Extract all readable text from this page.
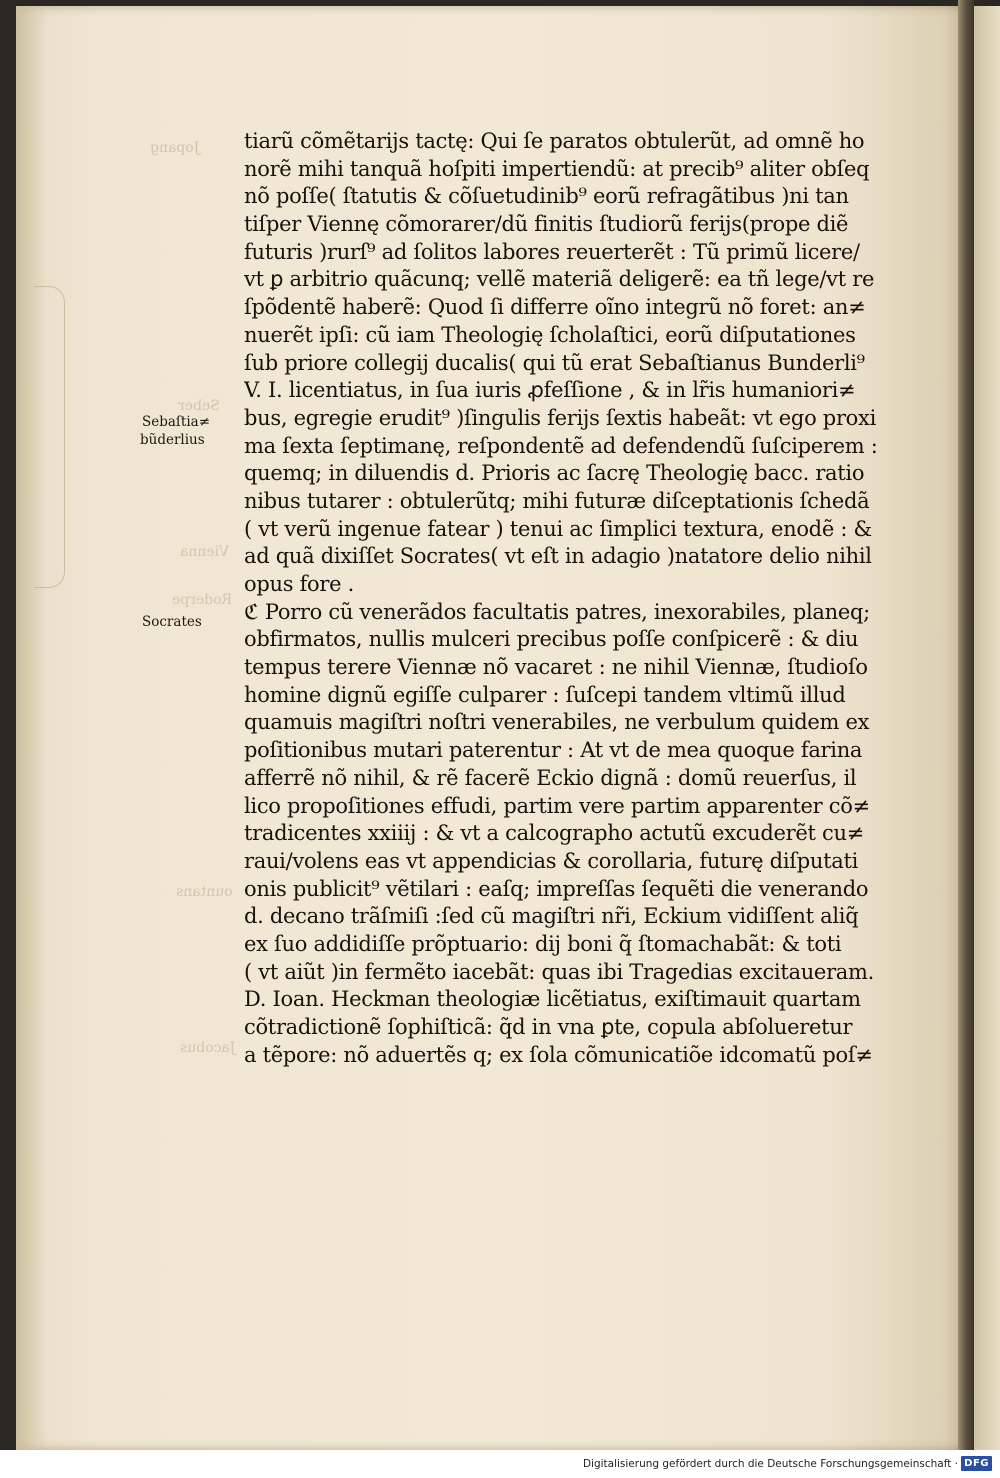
Jopang
Seber
Vienna
Roderpe
ountans
Jacobus
tiarũ cõmẽtarijs tactę: Qui ſe paratos obtulerũt, ad omnẽ ho
norẽ mihi tanquã hoſpiti impertiendũ: at precib⁹ aliter obſeq
nõ poſſe( ſtatutis & cõſuetudinib⁹ eorũ refragãtibus )ni tan
tiſper Viennę cõmorarer/dũ finitis ſtudiorũ ferijs(prope diẽ
futuris )rurſ⁹ ad ſolitos labores reuerterẽt : Tũ primũ licere/
vt ꝑ arbitrio quãcunq; vellẽ materiã deligerẽ: ea tñ lege/vt re
ſpõdentẽ haberẽ: Quod ſi differre oĩno integrũ nõ foret: an≠
nuerẽt ipſi: cũ iam Theologię ſcholaſtici, eorũ diſputationes
ſub priore collegij ducalis( qui tũ erat Sebaſtianus Bunderli⁹
V. I. licentiatus, in ſua iuris ꝓfeſſione , & in lr̃is humaniori≠
bus, egregie erudit⁹ )ſingulis ferijs ſextis habeãt: vt ego proxi
ma ſexta ſeptimanę, reſpondentẽ ad defendendũ ſuſciperem :
quemq; in diluendis d. Prioris ac ſacrę Theologię bacc. ratio
nibus tutarer : obtulerũtq; mihi futuræ diſceptationis ſchedã
( vt verũ ingenue fatear ) tenui ac ſimplici textura, enodẽ : &
ad quã dixiſſet Socrates( vt eſt in adagio )natatore delio nihil
opus fore .
ℭ Porro cũ venerãdos facultatis patres, inexorabiles, planeq;
obfirmatos, nullis mulceri precibus poſſe conſpicerẽ : & diu
tempus terere Viennæ nõ vacaret : ne nihil Viennæ, ſtudioſo
homine dignũ egiſſe culparer : ſuſcepi tandem vltimũ illud
quamuis magiſtri noſtri venerabiles, ne verbulum quidem ex
poſitionibus mutari paterentur : At vt de mea quoque farina
afferrẽ nõ nihil, & rẽ facerẽ Eckio dignã : domũ reuerſus, il
lico propoſitiones effudi, partim vere partim apparenter cõ≠
tradicentes xxiiij : & vt a calcographo actutũ excuderẽt cu≠
raui/volens eas vt appendicias & corollaria, futurę diſputati
onis publicit⁹ vẽtilari : eaſq; impreſſas ſequẽti die venerando
d. decano trãſmiſi :ſed cũ magiſtri nr̃i, Eckium vidiſſent aliq̃
ex ſuo addidiſſe prõptuario: dij boni q̃ ſtomachabãt: & toti
( vt aiũt )in fermẽto iacebãt: quas ibi Tragedias excitaueram.
D. Ioan. Heckman theologiæ licẽtiatus, exiſtimauit quartam
cõtradictionẽ ſophiſticã: q̃d in vna ꝑte, copula abſolueretur
a tẽpore: nõ aduertẽs q; ex ſola cõmunicatiõe idcomatũ poſ≠
Sebaſtia≠
bũderlius
Socrates
Digitalisierung gefördert durch die Deutsche Forschungsgemeinschaft · DFG
